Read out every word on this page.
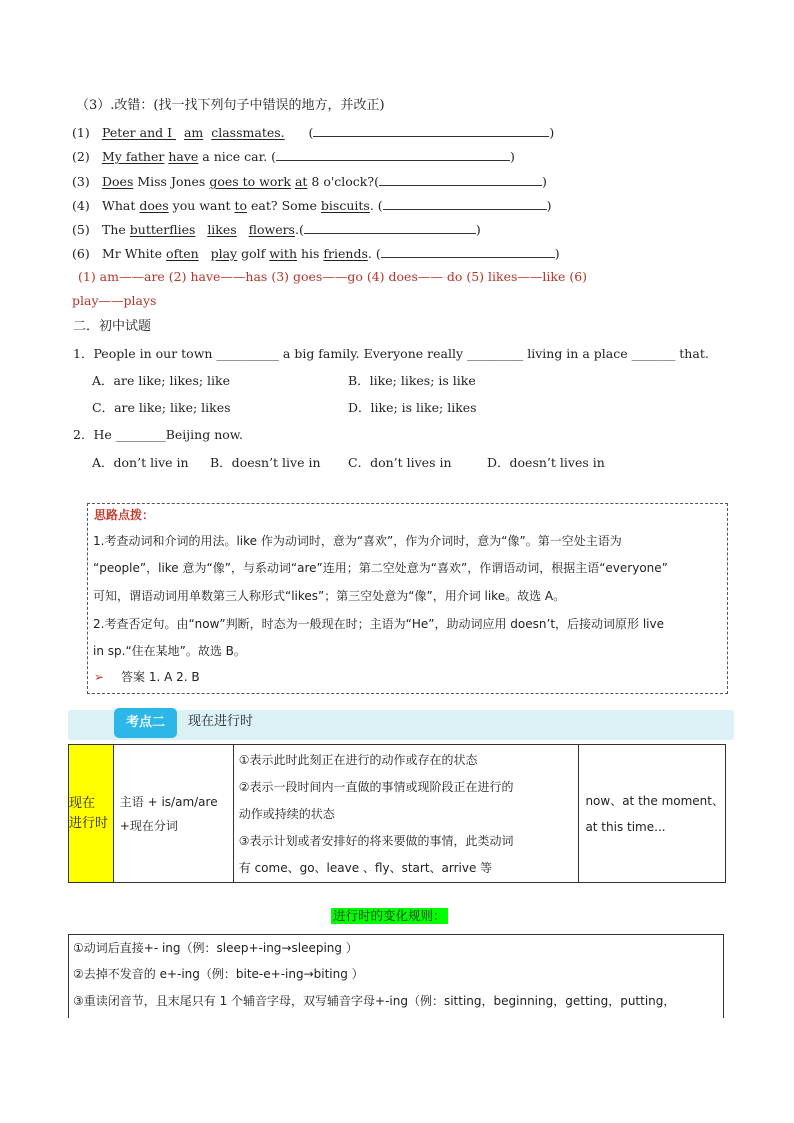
（3）.改错：(找一找下列句子中错误的地方，并改正)
(1) Peter and I   am classmates.      (	)
(2) My father have a nice car. (	)
(3) Does Miss Jones goes to work at 8 o'clock?(	)
(4) What does you want to eat? Some biscuits. (	)
(5) The butterflies likes flowers.(	)
(6) Mr White often play golf with his friends. (	)
(1) am——are (2) have——has (3) goes——go (4) does—— do (5) likes——like (6)
play——plays
二．初中试题
1．People in our town __________ a big family. Everyone really _________ living in a place _______ that.
A．are like; likes; like	B．like; likes; is like
C．are like; like; likes	D．like; is like; likes
2．He ________Beijing now.
A．don’t live in B．doesn’t live in C．don’t lives in	D．doesn’t lives in
思路点拨：
1.考查动词和介词的用法。like 作为动词时，意为“喜欢”，作为介词时，意为“像”。第一空处主语为
“people”，like 意为“像”，与系动词“are”连用；第二空处意为“喜欢”，作谓语动词，根据主语“everyone”
可知，谓语动词用单数第三人称形式“likes”；第三空处意为“像”，用介词 like。故选 A。
2.考查否定句。由“now”判断，时态为一般现在时；主语为“He”，助动词应用 doesn’t，后接动词原形 live
in sp.“住在某地”。故选 B。
➢ 答案 1. A 2. B
考点二	现在进行时
现在
进行时

主语 + is/am/are
+现在分词

①表示此时此刻正在进行的动作或存在的状态
②表示一段时间内一直做的事情或现阶段正在进行的
动作或持续的状态
③表示计划或者安排好的将来要做的事情，此类动词
有 come、go、leave 、fly、start、arrive 等

now、at the moment、
at this time...
进行时的变化规则：
①动词后直接+- ing（例：sleep+-ing→sleeping ）
②去掉不发音的 e+-ing（例：bite-e+-ing→biting ）
③重读闭音节，且末尾只有 1 个辅音字母，双写辅音字母+-ing（例：sitting，beginning，getting，putting，
